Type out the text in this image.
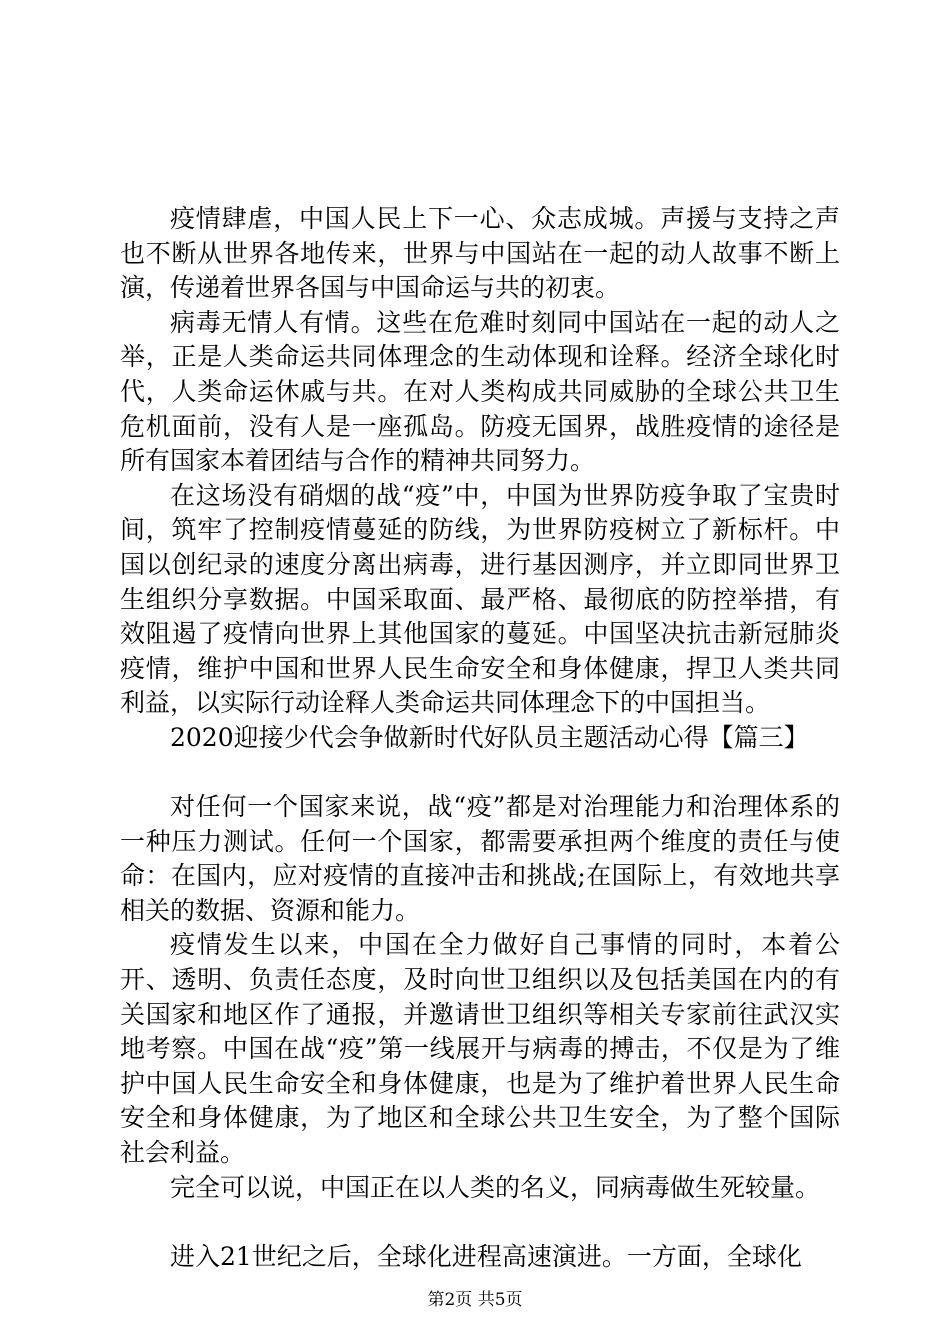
疫情肆虐，中国人民上下一心、众志成城。声援与支持之声也不断从世界各地传来，世界与中国站在一起的动人故事不断上演，传递着世界各国与中国命运与共的初衷。

病毒无情人有情。这些在危难时刻同中国站在一起的动人之举，正是人类命运共同体理念的生动体现和诠释。经济全球化时代，人类命运休戚与共。在对人类构成共同威胁的全球公共卫生危机面前，没有人是一座孤岛。防疫无国界，战胜疫情的途径是所有国家本着团结与合作的精神共同努力。

在这场没有硝烟的战“疫”中，中国为世界防疫争取了宝贵时间，筑牢了控制疫情蔓延的防线，为世界防疫树立了新标杆。中国以创纪录的速度分离出病毒，进行基因测序，并立即同世界卫生组织分享数据。中国采取面、最严格、最彻底的防控举措，有效阻遏了疫情向世界上其他国家的蔓延。中国坚决抗击新冠肺炎疫情，维护中国和世界人民生命安全和身体健康，捍卫人类共同利益，以实际行动诠释人类命运共同体理念下的中国担当。

2020迎接少代会争做新时代好队员主题活动心得【篇三】

对任何一个国家来说，战“疫”都是对治理能力和治理体系的一种压力测试。任何一个国家，都需要承担两个维度的责任与使命：在国内，应对疫情的直接冲击和挑战;在国际上，有效地共享相关的数据、资源和能力。

疫情发生以来，中国在全力做好自己事情的同时，本着公开、透明、负责任态度，及时向世卫组织以及包括美国在内的有关国家和地区作了通报，并邀请世卫组织等相关专家前往武汉实地考察。中国在战“疫”第一线展开与病毒的搏击，不仅是为了维护中国人民生命安全和身体健康，也是为了维护着世界人民生命安全和身体健康，为了地区和全球公共卫生安全，为了整个国际社会利益。

完全可以说，中国正在以人类的名义，同病毒做生死较量。

进入21世纪之后，全球化进程高速演进。一方面，全球化

第2页 共5页
